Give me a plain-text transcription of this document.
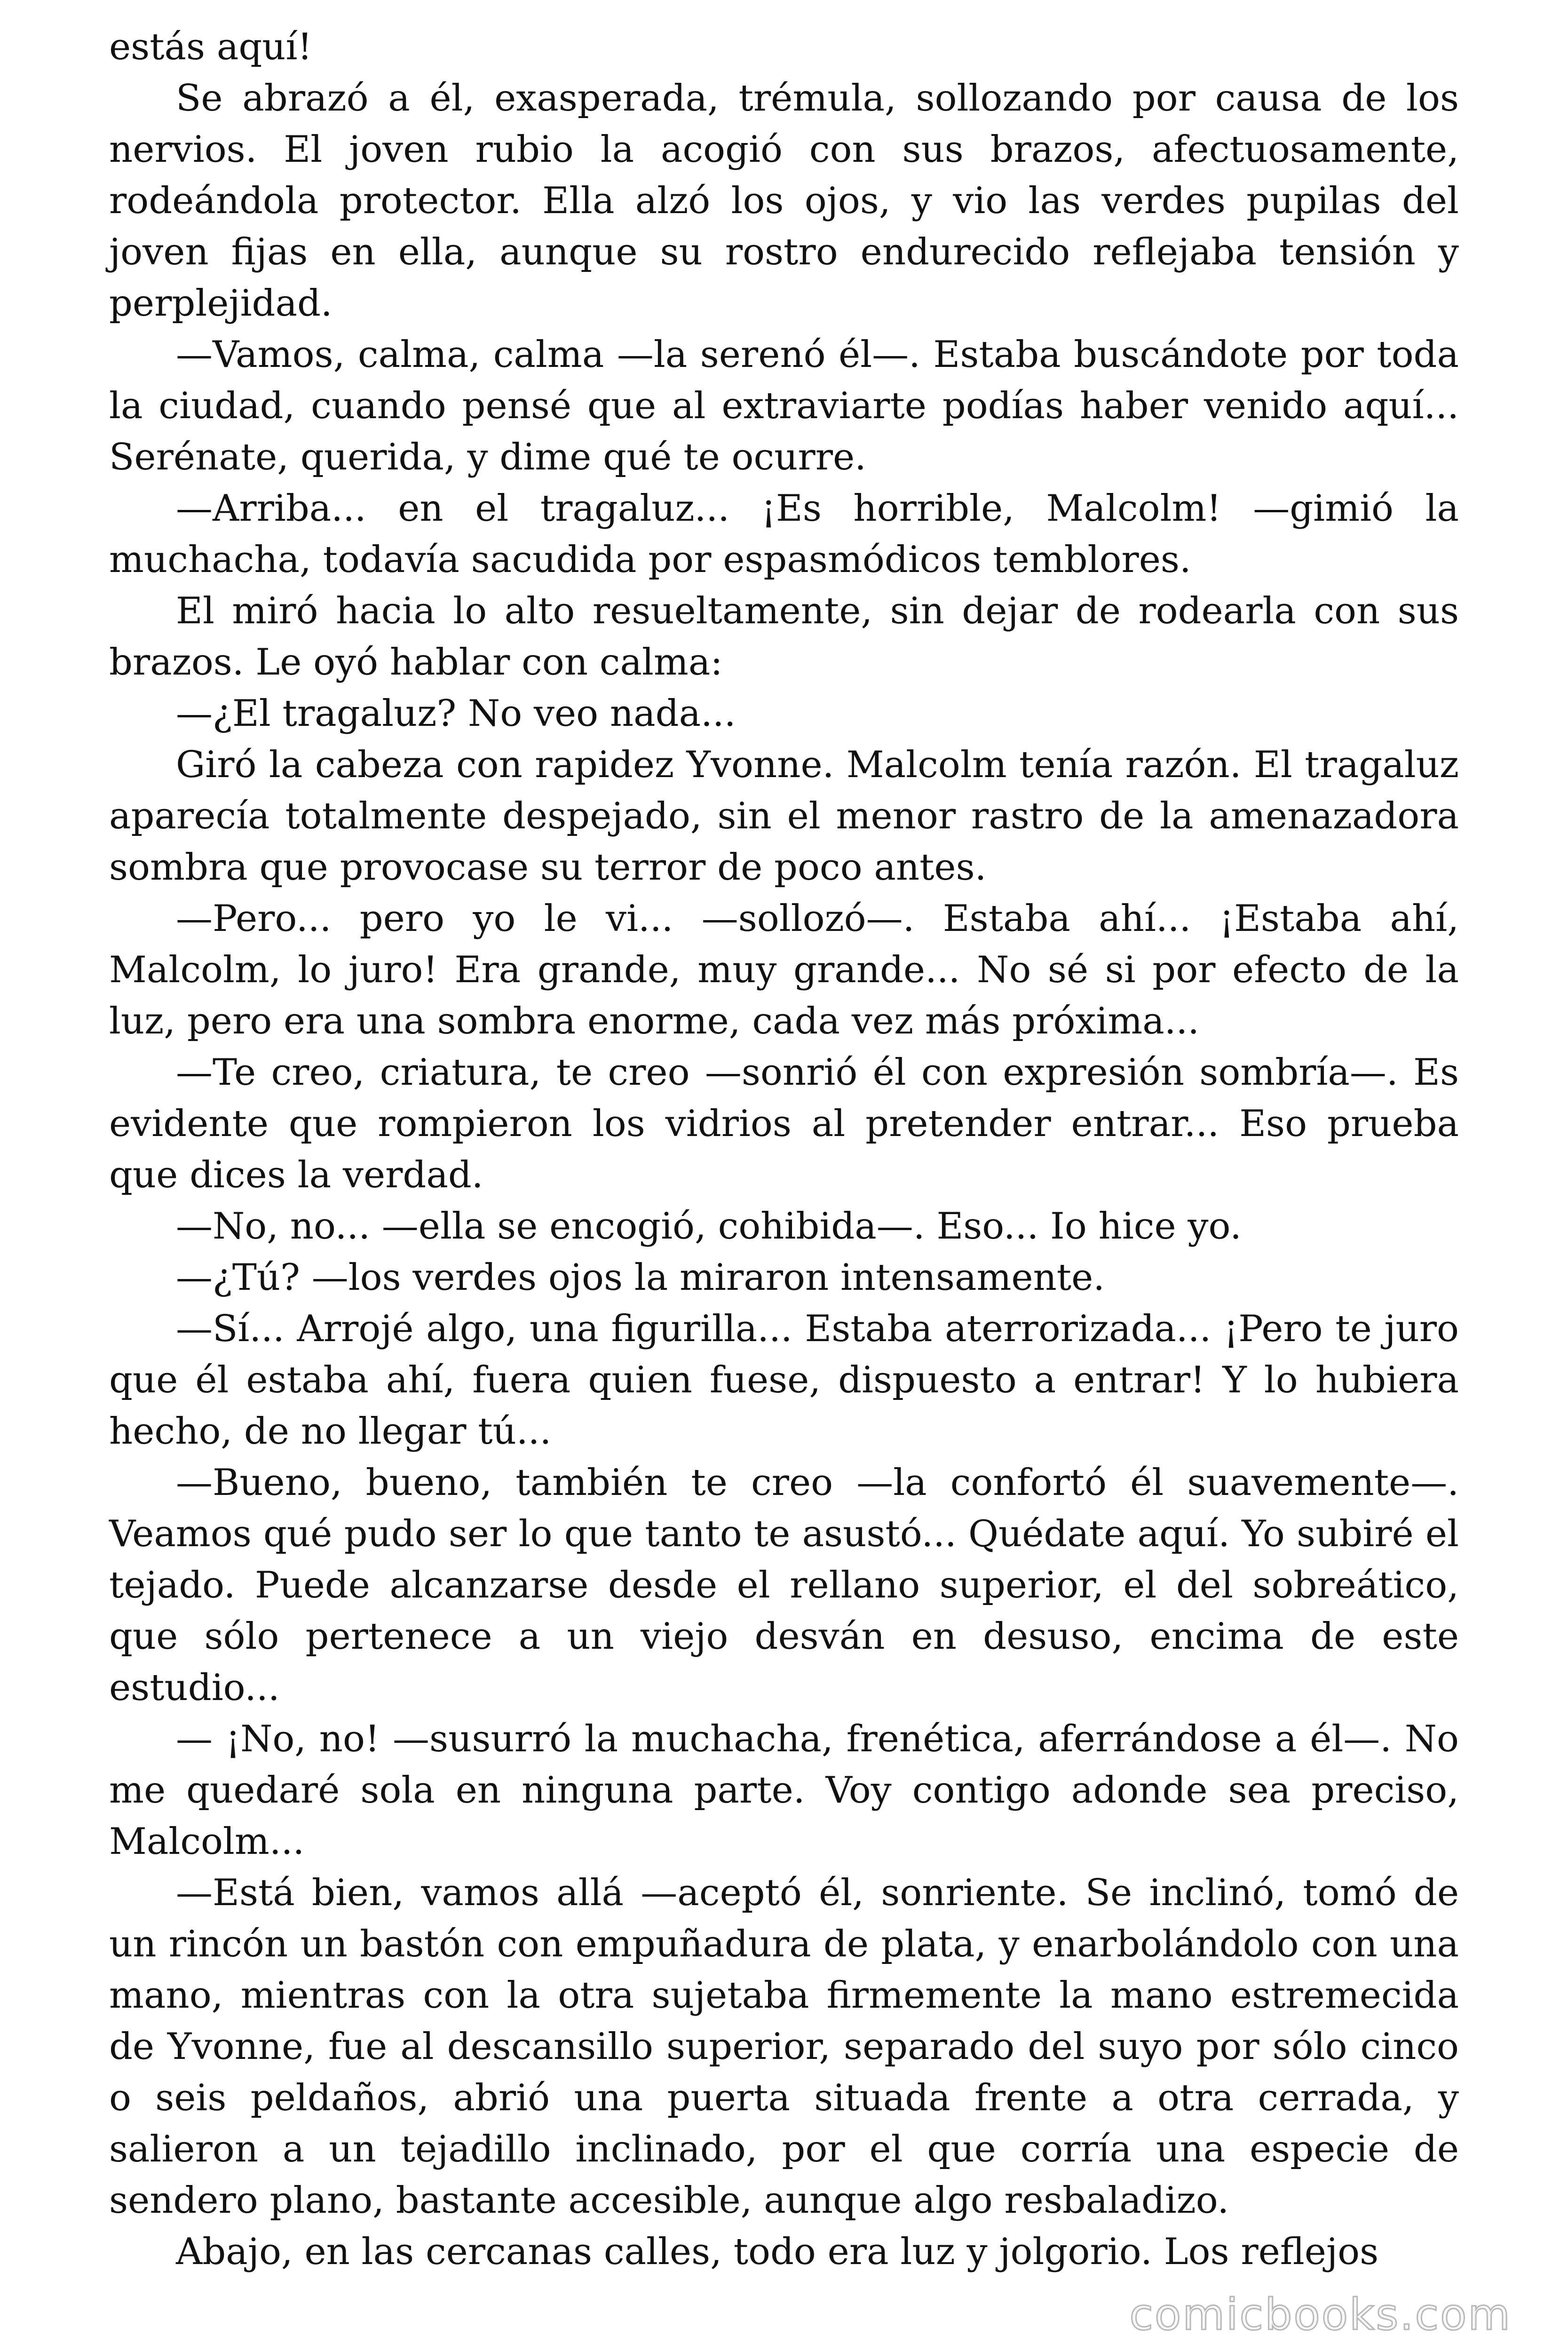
estás aquí!

Se abrazó a él, exasperada, trémula, sollozando por causa de los nervios. El joven rubio la acogió con sus brazos, afectuosamente, rodeándola protector. Ella alzó los ojos, y vio las verdes pupilas del joven fijas en ella, aunque su rostro endurecido reflejaba tensión y perplejidad.

—Vamos, calma, calma —la serenó él—. Estaba buscándote por toda la ciudad, cuando pensé que al extraviarte podías haber venido aquí... Serénate, querida, y dime qué te ocurre.

—Arriba... en el tragaluz... ¡Es horrible, Malcolm! —gimió la muchacha, todavía sacudida por espasmódicos temblores.

El miró hacia lo alto resueltamente, sin dejar de rodearla con sus brazos. Le oyó hablar con calma:

—¿El tragaluz? No veo nada...

Giró la cabeza con rapidez Yvonne. Malcolm tenía razón. El tragaluz aparecía totalmente despejado, sin el menor rastro de la amenazadora sombra que provocase su terror de poco antes.

—Pero... pero yo le vi... —sollozó—. Estaba ahí... ¡Estaba ahí, Malcolm, lo juro! Era grande, muy grande... No sé si por efecto de la luz, pero era una sombra enorme, cada vez más próxima...

—Te creo, criatura, te creo —sonrió él con expresión sombría—. Es evidente que rompieron los vidrios al pretender entrar... Eso prueba que dices la verdad.

—No, no... —ella se encogió, cohibida—. Eso... Io hice yo.

—¿Tú? —los verdes ojos la miraron intensamente.

—Sí... Arrojé algo, una figurilla... Estaba aterrorizada... ¡Pero te juro que él estaba ahí, fuera quien fuese, dispuesto a entrar! Y lo hubiera hecho, de no llegar tú...

—Bueno, bueno, también te creo —la confortó él suavemente—. Veamos qué pudo ser lo que tanto te asustó... Quédate aquí. Yo subiré el tejado. Puede alcanzarse desde el rellano superior, el del sobreático, que sólo pertenece a un viejo desván en desuso, encima de este estudio...

— ¡No, no! —susurró la muchacha, frenética, aferrándose a él—. No me quedaré sola en ninguna parte. Voy contigo adonde sea preciso, Malcolm...

—Está bien, vamos allá —aceptó él, sonriente. Se inclinó, tomó de un rincón un bastón con empuñadura de plata, y enarbolándolo con una mano, mientras con la otra sujetaba firmemente la mano estremecida de Yvonne, fue al descansillo superior, separado del suyo por sólo cinco o seis peldaños, abrió una puerta situada frente a otra cerrada, y salieron a un tejadillo inclinado, por el que corría una especie de sendero plano, bastante accesible, aunque algo resbaladizo.

Abajo, en las cercanas calles, todo era luz y jolgorio. Los reflejos

comicbooks.com
